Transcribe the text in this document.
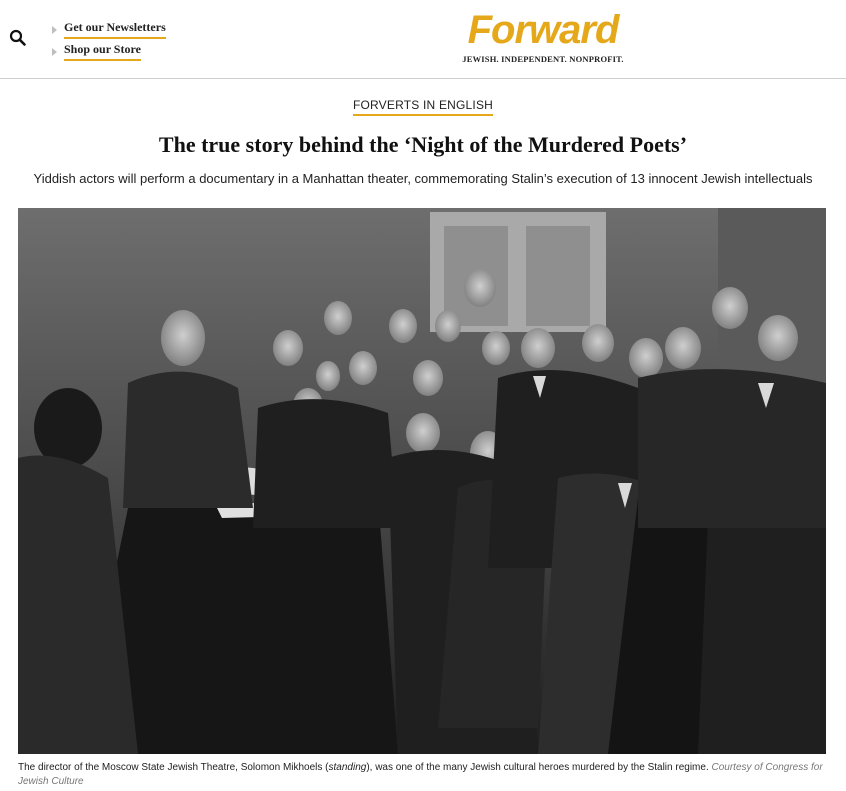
Get our Newsletters
Shop our Store	Forward
JEWISH. INDEPENDENT. NONPROFIT.
FORVERTS IN ENGLISH
The true story behind the ‘Night of the Murdered Poets’

Yiddish actors will perform a documentary in a Manhattan theater, commemorating Stalin’s execution of 13 innocent Jewish intellectuals

The director of the Moscow State Jewish Theatre, Solomon Mikhoels (standing), was one of the many Jewish cultural heroes murdered by the Stalin regime. Courtesy of Congress for Jewish Culture
